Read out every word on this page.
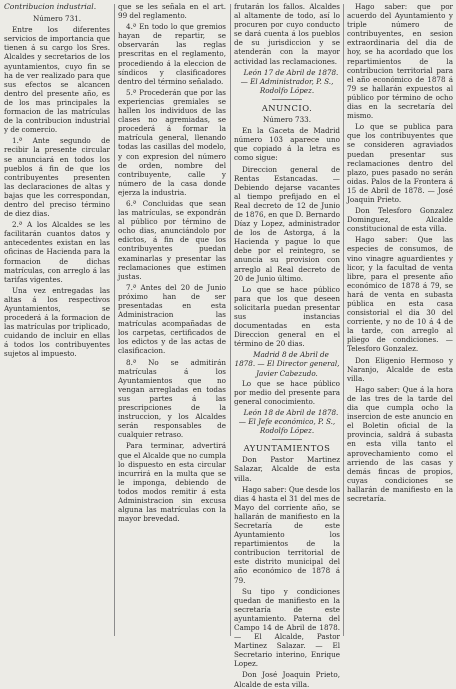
Contribucion industrial.
Número 731.

Entre los diferentes servicios de importancia que tienen á su cargo los Sres. Alcaldes y secretarios de los ayuntamientos, cuyo fin se ha de ver realizado para que sus efectos se alcancen dentro del presente año, es de los mas principales la formacion de las matrículas de la contribucion industrial y de comercio.

1.ª Ante segundo de recibir la presente circular se anunciará en todos los pueblos á fin de que los contribuyentes presenten las declaraciones de altas y bajas que les correspondan, dentro del preciso término de diez dias.

2.ª A los Alcaldes se les facilitarán cuantos datos y antecedentes existan en las oficinas de Hacienda para la formacion de dichas matrículas, con arreglo á las tarifas vigentes.

Una vez entregadas las altas á los respectivos Ayuntamientos, se procederá á la formacion de las matrículas por triplicado, cuidando de incluir en ellas á todos los contribuyentes sujetos al impuesto.

que se les señala en el art. 99 del reglamento.

4.ª En todo lo que gremios hayan de repartir, se observarán las reglas prescritas en el reglamento, procediendo á la eleccion de síndicos y clasificadores dentro del término señalado.

5.ª Procederán que por las experiencias gremiales se hallen los individuos de las clases no agremiadas, se procederá á formar la matrícula general, llenando todas las casillas del modelo, y con expresion del número de orden, nombre del contribuyente, calle y número de la casa donde ejerza la industria.

6.ª Concluidas que sean las matrículas, se expondrán al público por término de ocho dias, anunciándolo por edictos, á fin de que los contribuyentes puedan examinarlas y presentar las reclamaciones que estimen justas.

7.ª Antes del 20 de Junio próximo han de ser presentadas en esta Administracion las matrículas acompañadas de los carpetas, certificados de los edictos y de las actas de clasificacion.

8.ª No se admitirán matrículas á los Ayuntamientos que no vengan arregladas en todas sus partes á las prescripciones de la instruccion, y los Alcaldes serán responsables de cualquier retraso.

Para terminar, advertirá que el Alcalde que no cumpla lo dispuesto en esta circular incurrirá en la multa que se le imponga, debiendo de todos modos remitir á esta Administracion sin excusa alguna las matrículas con la mayor brevedad.

frutarán los fallos. Alcaldes al altamente de todo, así lo procuren por cuyo conducto se dará cuenta á los pueblos de su jurisdiccion y se atenderán con la mayor actividad las reclamaciones.

León 17 de Abril de 1878. — El Administrador, P. S., Rodolfo López.

ANUNCIO.
Número 733.

En la Gaceta de Madrid número 103 aparece uno que copiado á la letra es como sigue:

Direccion general de Rentas Estancadas. — Debiendo dejarse vacantes al tiempo prefijado en el Real decreto de 12 de Junio de 1876, en que D. Bernardo Díaz y Lopez, administrador de los de Astorga, á la Hacienda y pague lo que debe por el reintegro, se anuncia su provision con arreglo al Real decreto de 20 de Junio último.

Lo que se hace público para que los que deseen solicitarla puedan presentar sus instancias documentadas en esta Direccion general en el término de 20 dias.

Madrid 8 de Abril de 1878. — El Director general, Javier Cabezudo.

Lo que se hace público por medio del presente para general conocimiento.

León 18 de Abril de 1878. — El Jefe económico, P. S., Rodolfo López.

AYUNTAMIENTOS

Don Pastor Martinez Salazar, Alcalde de esta villa.

Hago saber: Que desde los dias 4 hasta el 31 del mes de Mayo del corriente año, se hallarán de manifiesto en la Secretaría de este Ayuntamiento los repartimientos de la contribucion territorial de este distrito municipal del año económico de 1878 á 79.

Su tipo y condiciones quedan de manifiesto en la secretaría de este ayuntamiento. Paterna del Campo 14 de Abril de 1878. — El Alcalde, Pastor Martinez Salazar. — El Secretario interino, Enrique Lopez.

Don José Joaquin Prieto, Alcalde de esta villa.

Hago saber: que por acuerdo del Ayuntamiento y triple número de contribuyentes, en sesion extraordinaria del dia de hoy, se ha acordado que los repartimientos de la contribucion territorial para el año económico de 1878 á 79 se hallarán expuestos al público por término de ocho dias en la secretaría del mismo.

Lo que se publica para que los contribuyentes que se consideren agraviados puedan presentar sus reclamaciones dentro del plazo, pues pasado no serán oidas. Palos de la Frontera á 15 de Abril de 1878. — José Joaquin Prieto.

Don Telesforo Gonzalez Dominguez, Alcalde constitucional de esta villa.

Hago saber: Que las especies de consumos, de vino vinagre aguardientes y licor, y la facultad de venta libre, para el presente año económico de 1878 á 79, se hará de venta en subasta pública en esta casa consistorial el dia 30 del corriente, y no de 10 á 4 de la tarde, con arreglo al pliego de condiciones. — Telesforo Gonzalez.

Don Eligenio Hermoso y Naranjo, Alcalde de esta villa.

Hago saber: Que á la hora de las tres de la tarde del dia que cumpla ocho la insercion de este anuncio en el Boletin oficial de la provincia, saldrá á subasta en esta villa tanto el aprovechamiento como el arriendo de las casas y demás fincas de propios, cuyas condiciones se hallarán de manifiesto en la secretaría.
